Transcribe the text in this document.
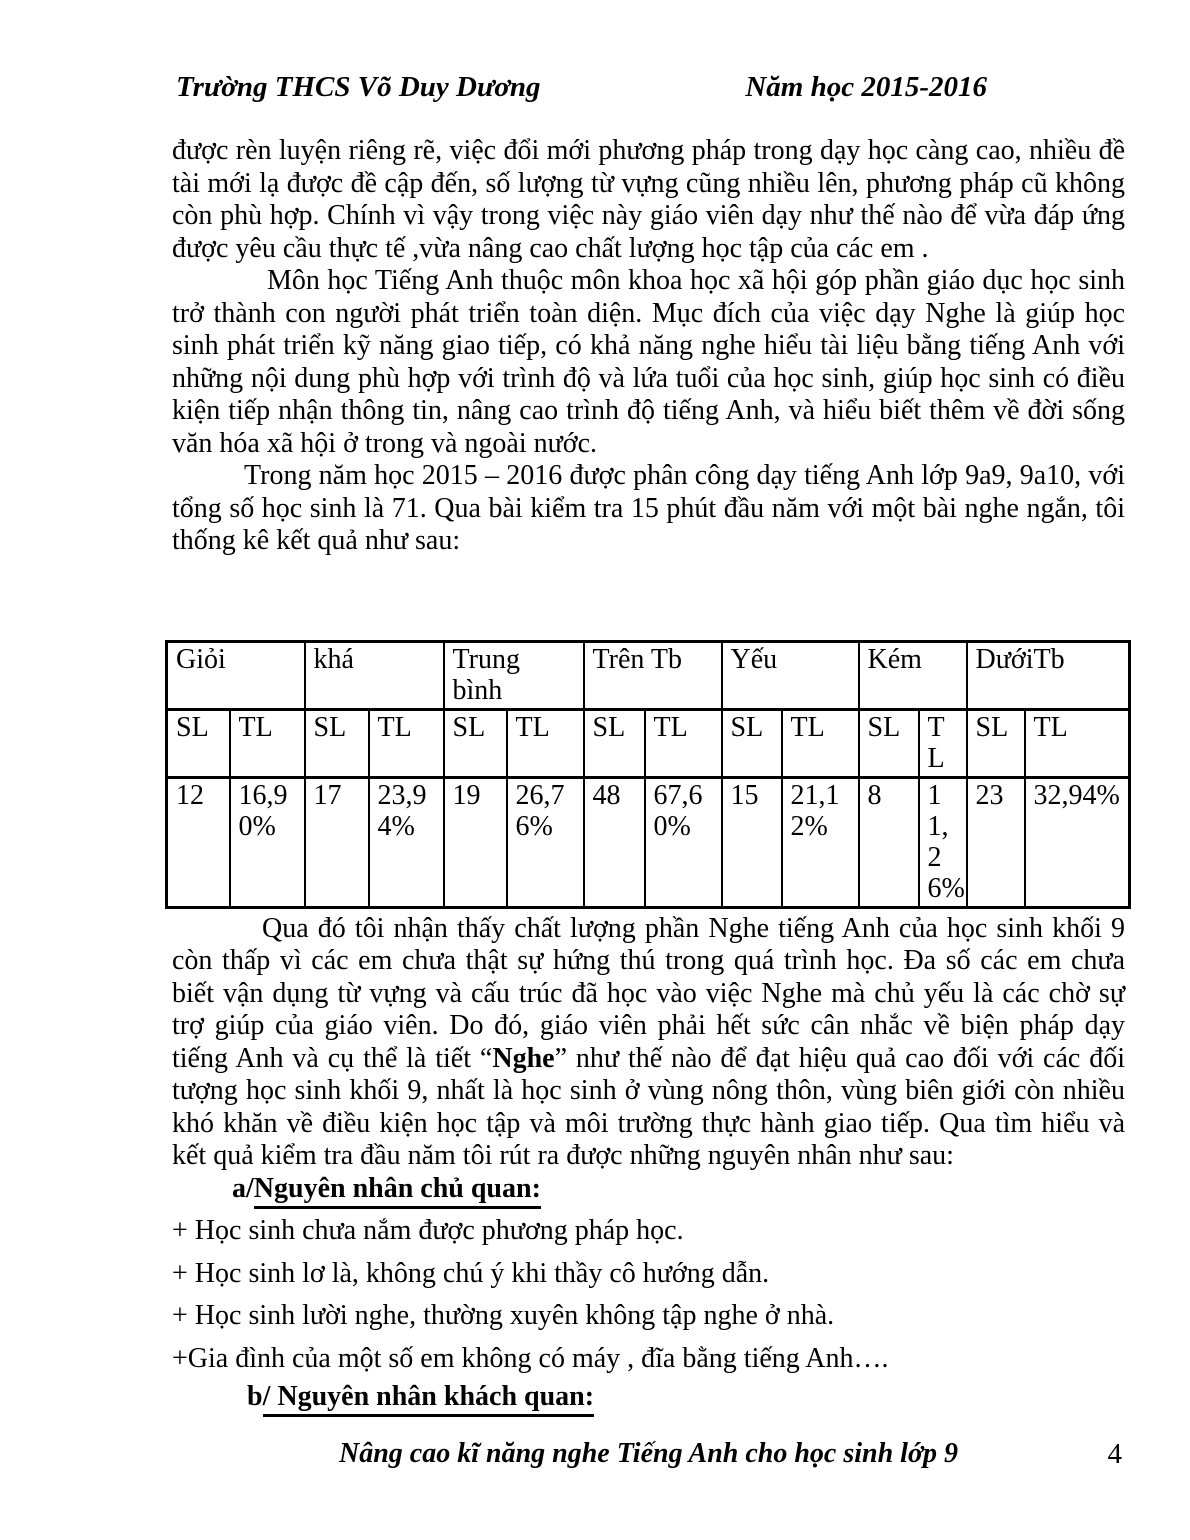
Trường THCS Võ Duy Dương	Năm học 2015-2016

được rèn luyện riêng rẽ, việc đổi mới phương pháp trong dạy học càng cao, nhiều đề tài mới lạ được đề cập đến, số lượng từ vựng cũng nhiều lên, phương pháp cũ không còn phù hợp. Chính vì vậy trong việc này giáo viên dạy như thế nào để vừa đáp ứng được yêu cầu thực tế ,vừa nâng cao chất lượng học tập của các em .

Môn học Tiếng Anh thuộc môn khoa học xã hội góp phần giáo dục học sinh trở thành con người phát triển toàn diện. Mục đích của việc dạy Nghe là giúp học sinh phát triển kỹ năng giao tiếp, có khả năng nghe hiểu tài liệu bằng tiếng Anh với những nội dung phù hợp với trình độ và lứa tuổi của học sinh, giúp học sinh có điều kiện tiếp nhận thông tin, nâng cao trình độ tiếng Anh, và hiểu biết thêm về đời sống văn hóa xã hội ở trong và ngoài nước.

Trong năm học 2015 – 2016 được phân công dạy tiếng Anh lớp 9a9, 9a10, với tổng số học sinh là 71. Qua bài kiểm tra 15 phút đầu năm với một bài nghe ngắn, tôi thống kê kết quả như sau:

Giỏi		khá		Trung bình		Trên Tb		Yếu		Kém		DướiTb	
SL	TL	SL	TL	SL	TL	SL	TL	SL	TL	SL	TL	SL	TL
12	16,90%	17	23,94%	19	26,76%	48	67,60%	15	21,12%	8	11,26%	23	32,94%

Qua đó tôi nhận thấy chất lượng phần Nghe tiếng Anh của học sinh khối 9 còn thấp vì các em chưa thật sự hứng thú trong quá trình học. Đa số các em chưa biết vận dụng từ vựng và cấu trúc đã học vào việc Nghe mà chủ yếu là các chờ sự trợ giúp của giáo viên. Do đó, giáo viên phải hết sức cân nhắc về biện pháp dạy tiếng Anh và cụ thể là tiết “Nghe” như thế nào để đạt hiệu quả cao đối với các đối tượng học sinh khối 9, nhất là học sinh ở vùng nông thôn, vùng biên giới còn nhiều khó khăn về điều kiện học tập và môi trường thực hành giao tiếp. Qua tìm hiểu và kết quả kiểm tra đầu năm tôi rút ra được những nguyên nhân như sau:

a/Nguyên nhân chủ quan:

+ Học sinh chưa nắm được phương pháp học.

+ Học sinh lơ là, không chú ý khi thầy cô hướng dẫn.

+ Học sinh lười nghe, thường xuyên không tập nghe ở nhà.

+Gia đình của một số em không có máy , đĩa bằng tiếng Anh….

b/ Nguyên nhân khách quan:

Nâng cao kĩ năng nghe Tiếng Anh cho học sinh lớp 9	4
